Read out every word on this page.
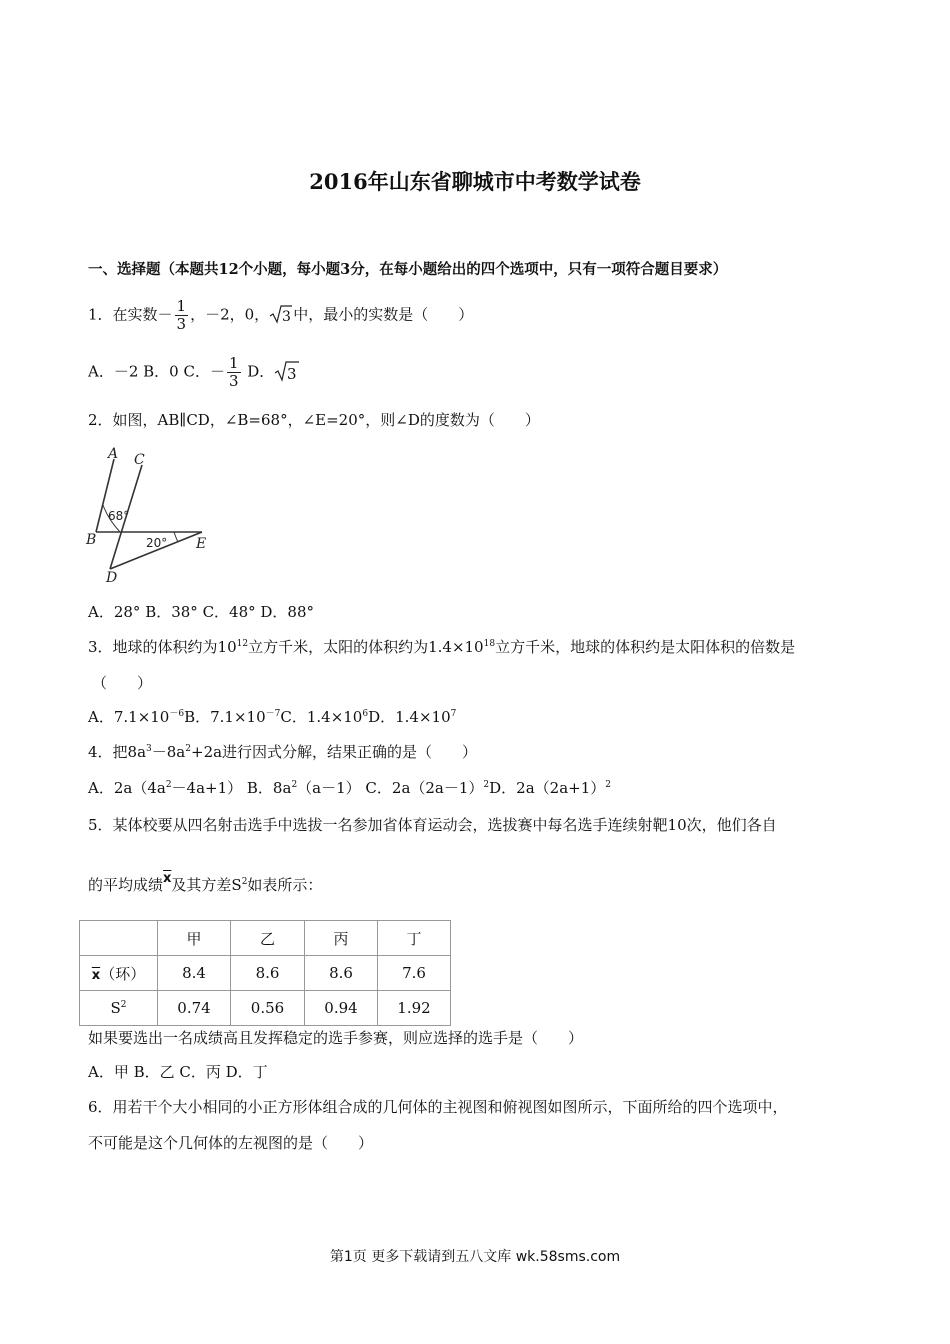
2016年山东省聊城市中考数学试卷
一、选择题（本题共12个小题，每小题3分，在每小题给出的四个选项中，只有一项符合题目要求）
1．在实数－ $\frac{1}{3}$ ，－2，0， 3 中，最小的实数是（　　）
A．－2 B．0 C．－ $\frac{1}{3}$ D． 3
2．如图，AB∥CD，∠B=68°，∠E=20°，则∠D的度数为（　　）
A C
B	E
D
68°
20°
A．28° B．38° C．48° D．88°
3．地球的体积约为$10^{12}$立方千米，太阳的体积约为$1.4\times 10^{18}$立方千米，地球的体积约是太阳体积的倍数是
（　　）
A．$7.1\times 10^{-6}B$．$7.1\times 10^{-7}C$．$1.4\times 10^6D$．$1.4\times 10^7$
4．把$8a^3-8a^2+2a$进行因式分解，结果正确的是（　　）
A．$2a(4a^2-4a+1)$ B．$8a^2(a-1)$ C．$2a(2a-1)^2D$．$2a(2a+1)^2$
5．某体校要从四名射击选手中选拔一名参加省体育运动会，选拔赛中每名选手连续射靶10次，他们各自
的平均成绩$\overline{x}$及其方差$S^2$如表所示：
	甲	乙	丙	丁
$\overline{x}$（环）	8.4	8.6	8.6	7.6
$S^2$	0.74	0.56	0.94	1.92
如果要选出一名成绩高且发挥稳定的选手参赛，则应选择的选手是（　　）
A．甲 B．乙 C．丙 D．丁
6．用若干个大小相同的小正方形体组合成的几何体的主视图和俯视图如图所示，下面所给的四个选项中，
不可能是这个几何体的左视图的是（　　）
第1页 更多下载请到五八文库 wk.58sms.com
